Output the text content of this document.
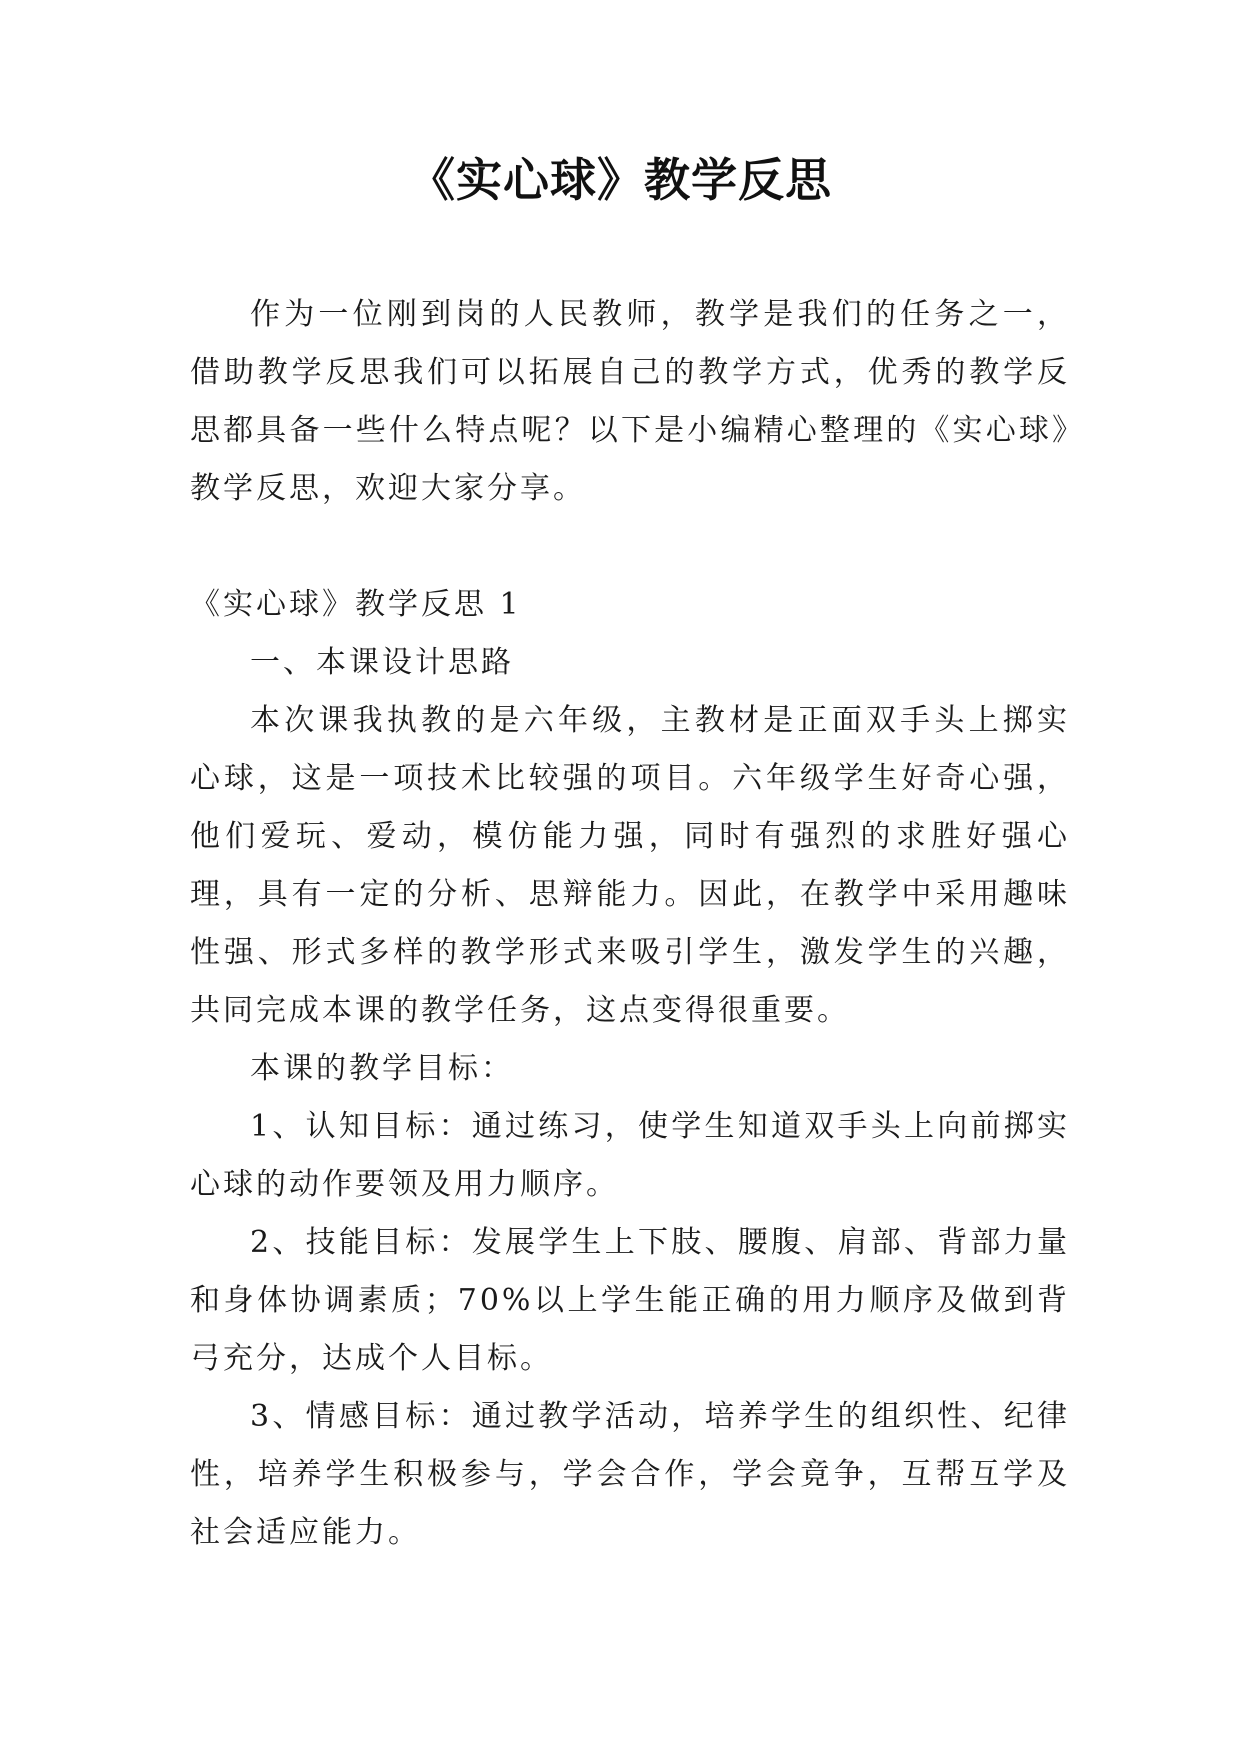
《实心球》教学反思

作为一位刚到岗的人民教师，教学是我们的任务之一，借助教学反思我们可以拓展自己的教学方式，优秀的教学反思都具备一些什么特点呢？以下是小编精心整理的《实心球》教学反思，欢迎大家分享。

《实心球》教学反思 1

一、本课设计思路

本次课我执教的是六年级，主教材是正面双手头上掷实心球，这是一项技术比较强的项目。六年级学生好奇心强，他们爱玩、爱动，模仿能力强，同时有强烈的求胜好强心理，具有一定的分析、思辩能力。因此，在教学中采用趣味性强、形式多样的教学形式来吸引学生，激发学生的兴趣，共同完成本课的教学任务，这点变得很重要。

本课的教学目标：

1、认知目标：通过练习，使学生知道双手头上向前掷实心球的动作要领及用力顺序。

2、技能目标：发展学生上下肢、腰腹、肩部、背部力量和身体协调素质；70%以上学生能正确的用力顺序及做到背弓充分，达成个人目标。

3、情感目标：通过教学活动，培养学生的组织性、纪律性，培养学生积极参与，学会合作，学会竟争，互帮互学及社会适应能力。
